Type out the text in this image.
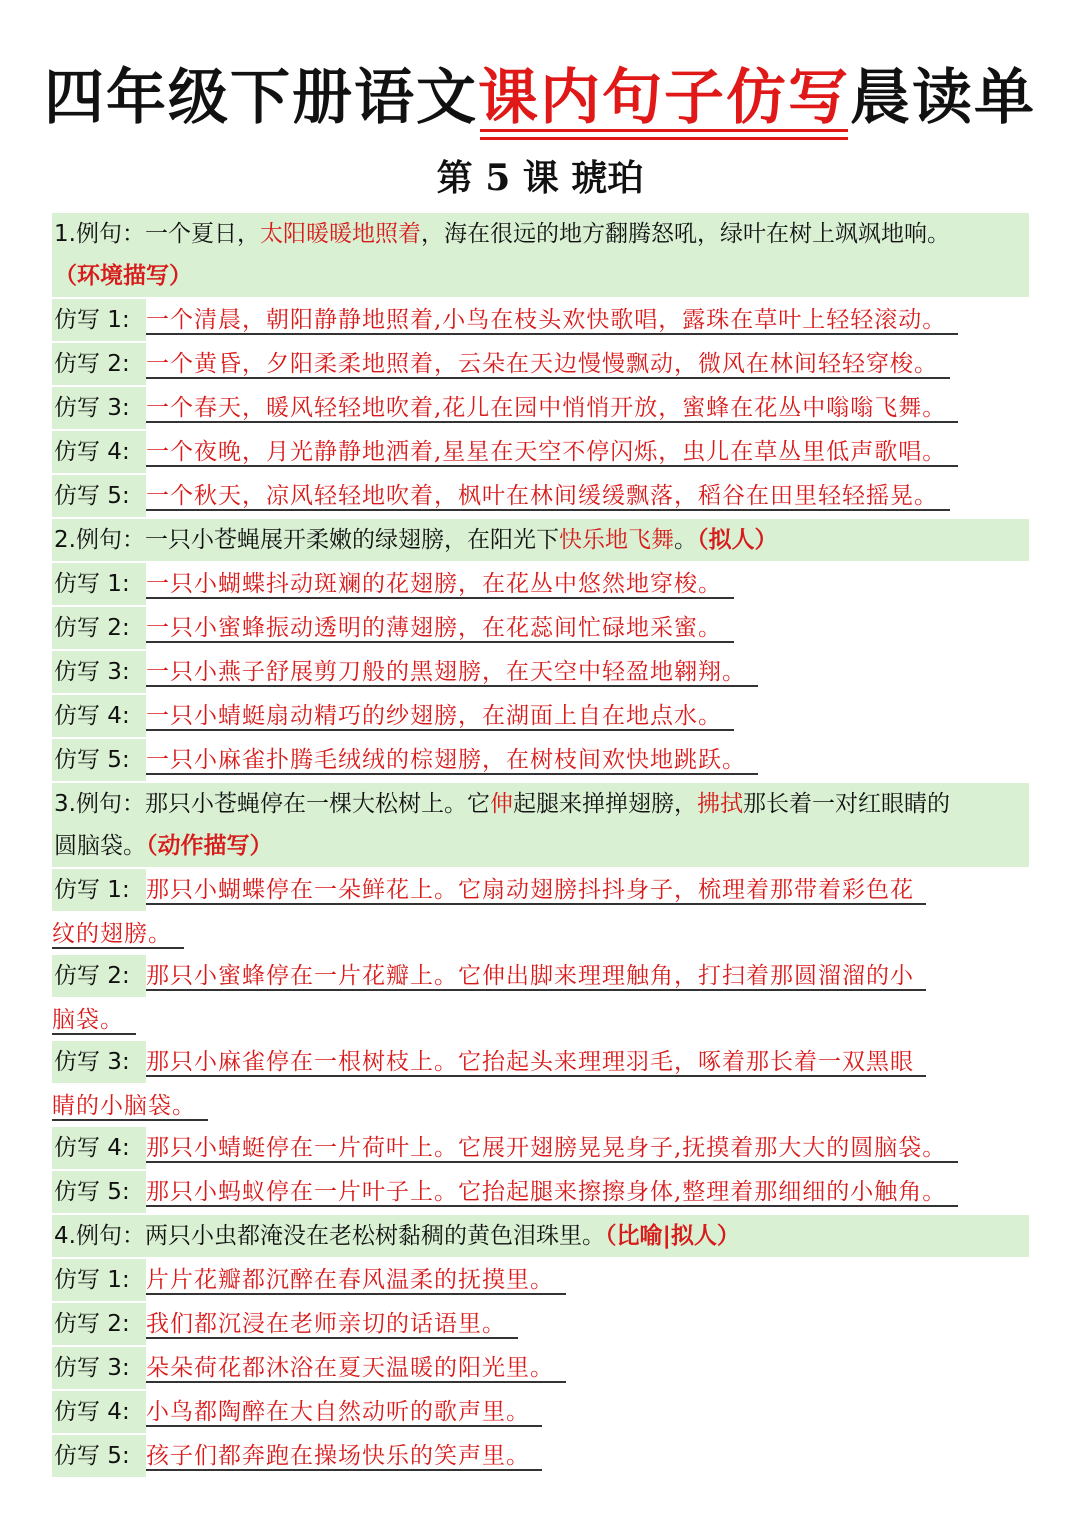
四年级下册语文课内句子仿写晨读单
第 5 课 琥珀
1.例句：一个夏日，太阳暖暖地照着，海在很远的地方翻腾怒吼，绿叶在树上飒飒地响。
（环境描写）
仿写 1: 一个清晨，朝阳静静地照着,小鸟在枝头欢快歌唱，露珠在草叶上轻轻滚动。
仿写 2: 一个黄昏，夕阳柔柔地照着，云朵在天边慢慢飘动，微风在林间轻轻穿梭。
仿写 3: 一个春天，暖风轻轻地吹着,花儿在园中悄悄开放，蜜蜂在花丛中嗡嗡飞舞。
仿写 4: 一个夜晚，月光静静地洒着,星星在天空不停闪烁，虫儿在草丛里低声歌唱。
仿写 5: 一个秋天，凉风轻轻地吹着，枫叶在林间缓缓飘落，稻谷在田里轻轻摇晃。
2.例句：一只小苍蝇展开柔嫩的绿翅膀，在阳光下快乐地飞舞。（拟人）
仿写 1: 一只小蝴蝶抖动斑斓的花翅膀，在花丛中悠然地穿梭。
仿写 2: 一只小蜜蜂振动透明的薄翅膀，在花蕊间忙碌地采蜜。
仿写 3: 一只小燕子舒展剪刀般的黑翅膀，在天空中轻盈地翱翔。
仿写 4: 一只小蜻蜓扇动精巧的纱翅膀，在湖面上自在地点水。
仿写 5: 一只小麻雀扑腾毛绒绒的棕翅膀，在树枝间欢快地跳跃。
3.例句：那只小苍蝇停在一棵大松树上。它伸起腿来掸掸翅膀，拂拭那长着一对红眼睛的
圆脑袋。（动作描写）
仿写 1: 那只小蝴蝶停在一朵鲜花上。它扇动翅膀抖抖身子，梳理着那带着彩色花
纹的翅膀。
仿写 2: 那只小蜜蜂停在一片花瓣上。它伸出脚来理理触角，打扫着那圆溜溜的小
脑袋。
仿写 3: 那只小麻雀停在一根树枝上。它抬起头来理理羽毛，啄着那长着一双黑眼
睛的小脑袋。
仿写 4: 那只小蜻蜓停在一片荷叶上。它展开翅膀晃晃身子,抚摸着那大大的圆脑袋。
仿写 5: 那只小蚂蚁停在一片叶子上。它抬起腿来擦擦身体,整理着那细细的小触角。
4.例句：两只小虫都淹没在老松树黏稠的黄色泪珠里。（比喻|拟人）
仿写 1: 片片花瓣都沉醉在春风温柔的抚摸里。
仿写 2: 我们都沉浸在老师亲切的话语里。
仿写 3: 朵朵荷花都沐浴在夏天温暖的阳光里。
仿写 4: 小鸟都陶醉在大自然动听的歌声里。
仿写 5: 孩子们都奔跑在操场快乐的笑声里。
